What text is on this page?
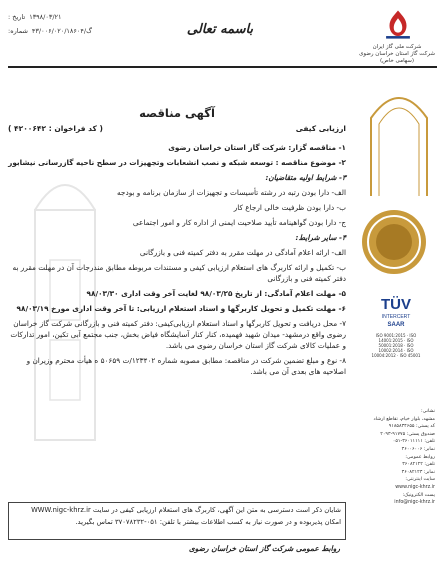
شرکت ملی گاز ایران
شرکت گاز استان خراسان رضوی
(سهامی خاص)
باسمه تعالی
۱۳۹۸/۰۳/۲۱
تاریخ :
گ/۴۳/۰۰۶/۰۲۰/۱۸۶۰۴
شماره:
TÜV
INTERCERT
SAAR
ISO 9001:2015 · ISO 14001:2015 · ISO 50001:2018 · ISO 10002:2014 · ISO 10004:2012 · ISO 45001
نشانی:
مشهد، بلوار خیام، تقاطع ارشاد
کد پستی: ۹۱۸۵۸۳۴۶۵۵
صندوق پستی: ۹۱۷۷۵-۲۰۹۳
تلفن: ۳۶۰۱۱۱۱۱-۰۵۱
نمابر: ۳۶۰۰۶۰۰۶
روابط عمومی:
تلفن: ۳۶۰۸۲۱۲۲
نمابر: ۳۶۰۸۲۱۲۳
سایت اینترنتی:
www.nigc-khrz.ir
پست الکترونیک:
info@nigc-khrz.ir
آگهی مناقصه
ارزیابی کیفی
( کد فراخوان : ۴۲۰۰۶۴۲ )
۱- مناقصه گزار: شرکت گاز استان خراسان رضوی
۲- موضوع مناقصه : توسعه شبکه و نصب انشعابات وتجهیزات در سطح ناحیه گازرسانی نیشابور
۳- شرایط اولیه متقاضیان:
الف- دارا بودن رتبه در رشته تأسیسات و تجهیزات از سازمان برنامه و بودجه
ب- دارا بودن ظرفیت خالی ارجاع کار
ج- دارا بودن گواهینامه تأیید صلاحیت ایمنی از اداره کار و امور اجتماعی
۴- سایر شرایط:
الف- ارائه اعلام آمادگی در مهلت مقرر به دفتر کمیته فنی و بازرگانی
ب- تکمیل و ارائه کاربرگ های استعلام ارزیابی کیفی و مستندات مربوطه مطابق مندرجات آن در مهلت مقرر به دفتر کمیته فنی و بازرگانی
۵- مهلت اعلام آمادگی: از تاریخ ۹۸/۰۳/۲۵ لغایت آخر وقت اداری ۹۸/۰۳/۳۰
۶- مهلت تکمیل و تحویل کاربرگها و اسناد استعلام ارزیابی: تا آخر وقت اداری مورخ ۹۸/۰۳/۱۹
۷- محل دریافت و تحویل کاربرگها و اسناد استعلام ارزیابی‌کیفی: دفتر کمیته فنی و بازرگانی شرکت گاز خراسان رضوی واقع درمشهد- میدان شهید فهمیده، کنار کنار آسایشگاه فیاض بخش، جنب مجتمع آبی تکین، امور تدارکات و عملیات کالای شرکت گاز استان خراسان رضوی می باشد.
۸- نوع و مبلغ تضمین شرکت در مناقصه: مطابق مصوبه شماره ۱۲۳۴۰۲/ت ۵۰۶۵۹ ه هیأت محترم وزیران و اصلاحیه های بعدی آن می باشد.
شایان ذکر است دسترسی به متن این آگهی، کاربرگ های استعلام ارزیابی کیفی در سایت WWW.nigc-khrz.ir امکان پذیربوده و در صورت نیاز به کسب اطلاعات بیشتر با تلفن: ۰۵۱-۳۷۰۷۸۲۳۲ تماس بگیرید.
روابط عمومی شرکت گاز استان خراسان رضوی
